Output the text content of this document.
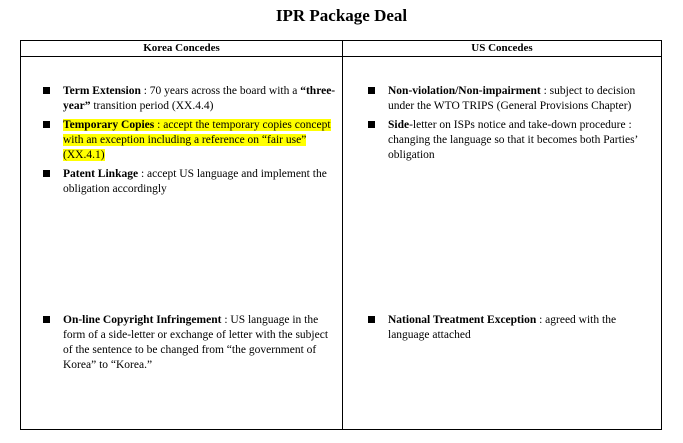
IPR Package Deal
Korea Concedes	US Concedes
Term Extension : 70 years across the board with a “three-year” transition period (XX.4.4)
Temporary Copies : accept the temporary copies concept with an exception including a reference on “fair use” (XX.4.1)
Patent Linkage : accept US language and implement the obligation accordingly
Non-violation/Non-impairment : subject to decision under the WTO TRIPS (General Provisions Chapter)
Side-letter on ISPs notice and take-down procedure : changing the language so that it becomes both Parties’ obligation
On-line Copyright Infringement : US language in the form of a side-letter or exchange of letter with the subject of the sentence to be changed from “the government of Korea” to “Korea.”
National Treatment Exception : agreed with the language attached
